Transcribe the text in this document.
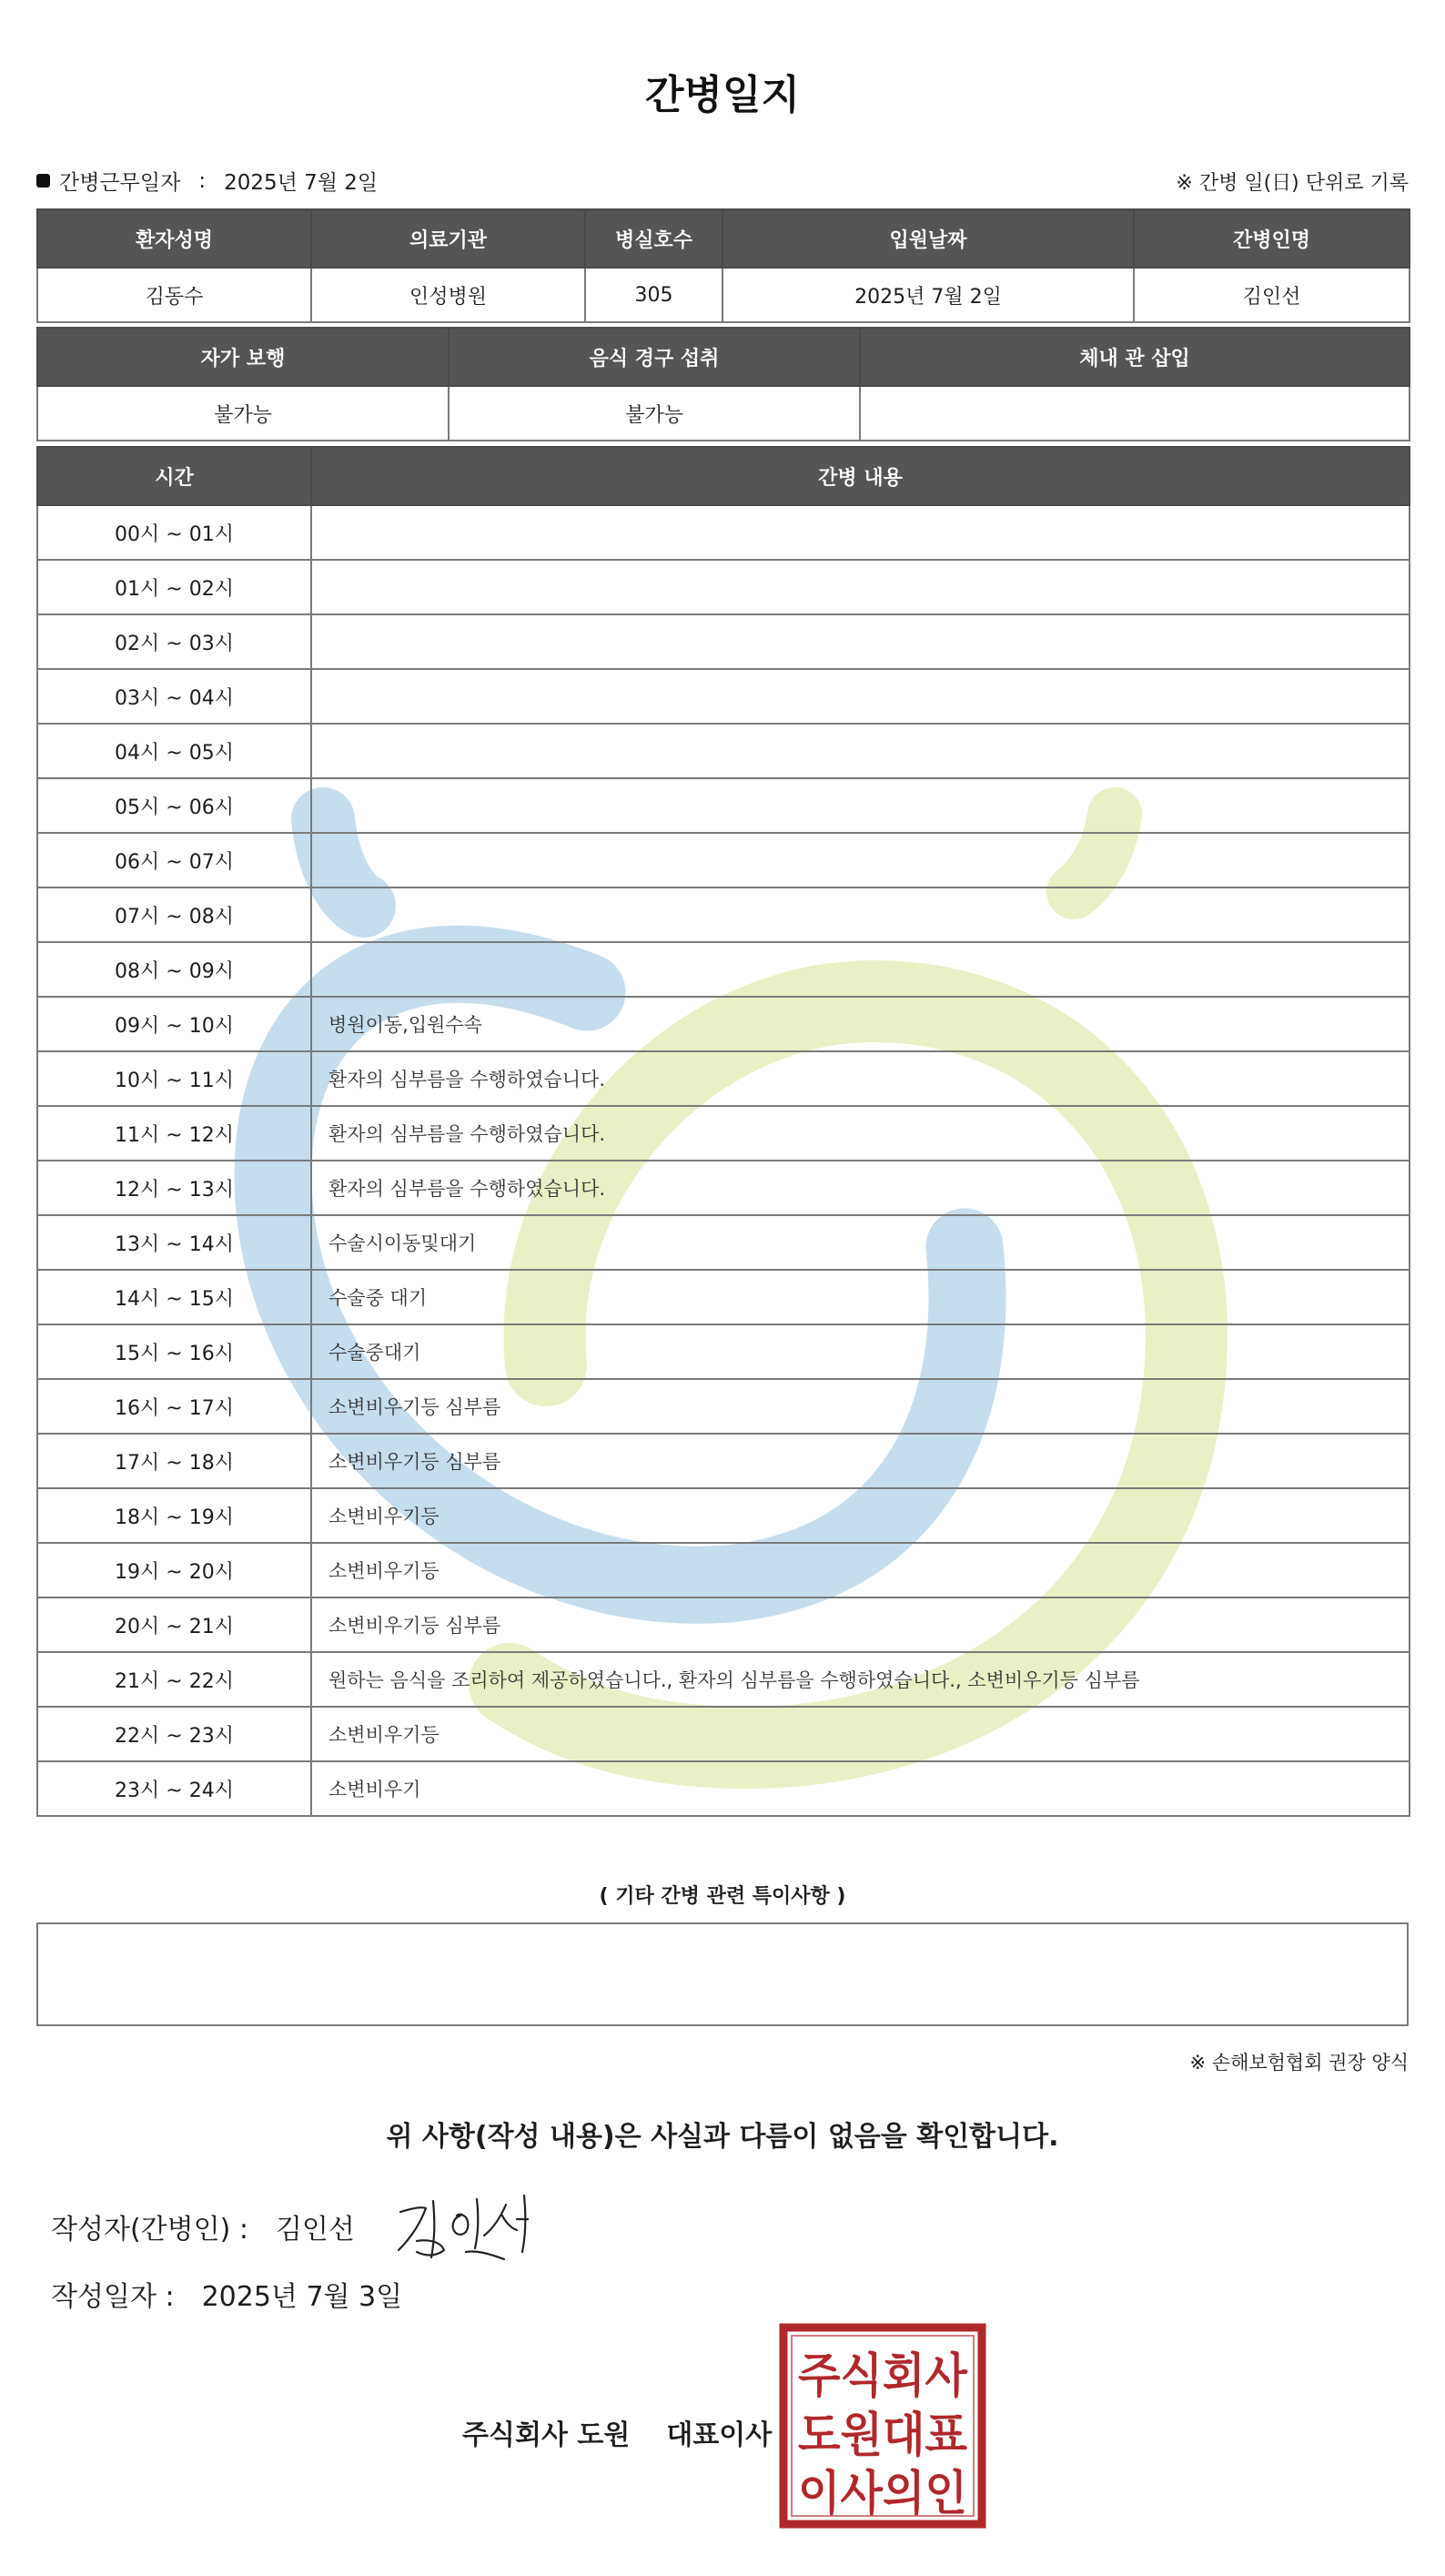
간병일지
간병근무일자 : 2025년 7월 2일	※ 간병 일(日) 단위로 기록
환자성명	의료기관	병실호수	입원날짜	간병인명
김동수	인성병원	305	2025년 7월 2일	김인선
자가 보행	음식 경구 섭취	체내 관 삽입
불가능	불가능	
시간	간병 내용
00시 ~ 01시	
01시 ~ 02시	
02시 ~ 03시	
03시 ~ 04시	
04시 ~ 05시	
05시 ~ 06시	
06시 ~ 07시	
07시 ~ 08시	
08시 ~ 09시	
09시 ~ 10시	병원이동,입원수속
10시 ~ 11시	환자의 심부름을 수행하였습니다.
11시 ~ 12시	환자의 심부름을 수행하였습니다.
12시 ~ 13시	환자의 심부름을 수행하였습니다.
13시 ~ 14시	수술시이동및대기
14시 ~ 15시	수술중 대기
15시 ~ 16시	수술중대기
16시 ~ 17시	소변비우기등 심부름
17시 ~ 18시	소변비우기등 심부름
18시 ~ 19시	소변비우기등
19시 ~ 20시	소변비우기등
20시 ~ 21시	소변비우기등 심부름
21시 ~ 22시	원하는 음식을 조리하여 제공하였습니다., 환자의 심부름을 수행하였습니다., 소변비우기등 심부름
22시 ~ 23시	소변비우기등
23시 ~ 24시	소변비우기
( 기타 간병 관련 특이사항 )
※ 손해보험협회 권장 양식
위 사항(작성 내용)은 사실과 다름이 없음을 확인합니다.
작성자(간병인) : 김인선
작성일자 : 2025년 7월 3일
주식회사 도원 대표이사
주식회사
도원대표
이사의인
